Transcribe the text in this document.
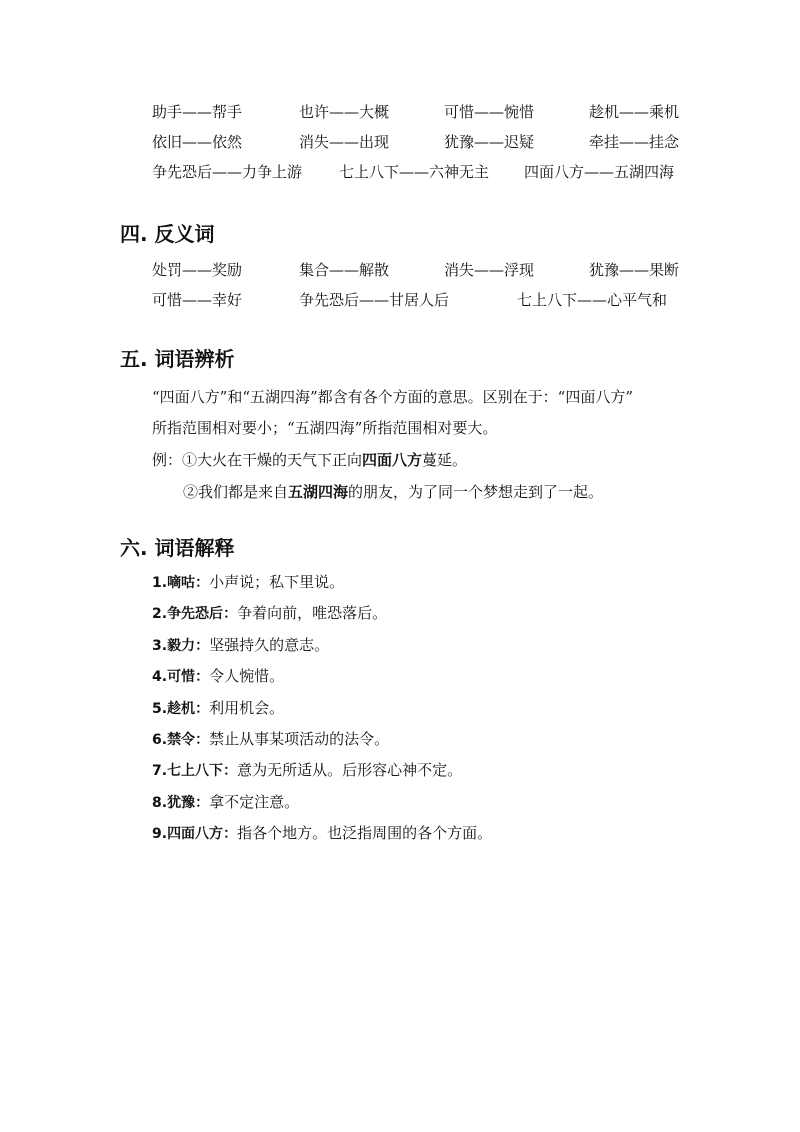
助手——帮手	也许——大概	可惜——惋惜	趁机——乘机
依旧——依然	消失——出现	犹豫——迟疑	牵挂——挂念
争先恐后——力争上游 七上八下——六神无主 四面八方——五湖四海
四. 反义词
处罚——奖励	集合——解散	消失——浮现	犹豫——果断
可惜——幸好	争先恐后——甘居人后	七上八下——心平气和
五. 词语辨析
“四面八方”和“五湖四海”都含有各个方面的意思。区别在于：“四面八方”
所指范围相对要小；“五湖四海”所指范围相对要大。
例：①大火在干燥的天气下正向四面八方蔓延。
②我们都是来自五湖四海的朋友，为了同一个梦想走到了一起。
六. 词语解释
1.嘀咕：小声说；私下里说。
2.争先恐后：争着向前，唯恐落后。
3.毅力：坚强持久的意志。
4.可惜：令人惋惜。
5.趁机：利用机会。
6.禁令：禁止从事某项活动的法令。
7.七上八下：意为无所适从。后形容心神不定。
8.犹豫：拿不定注意。
9.四面八方：指各个地方。也泛指周围的各个方面。
